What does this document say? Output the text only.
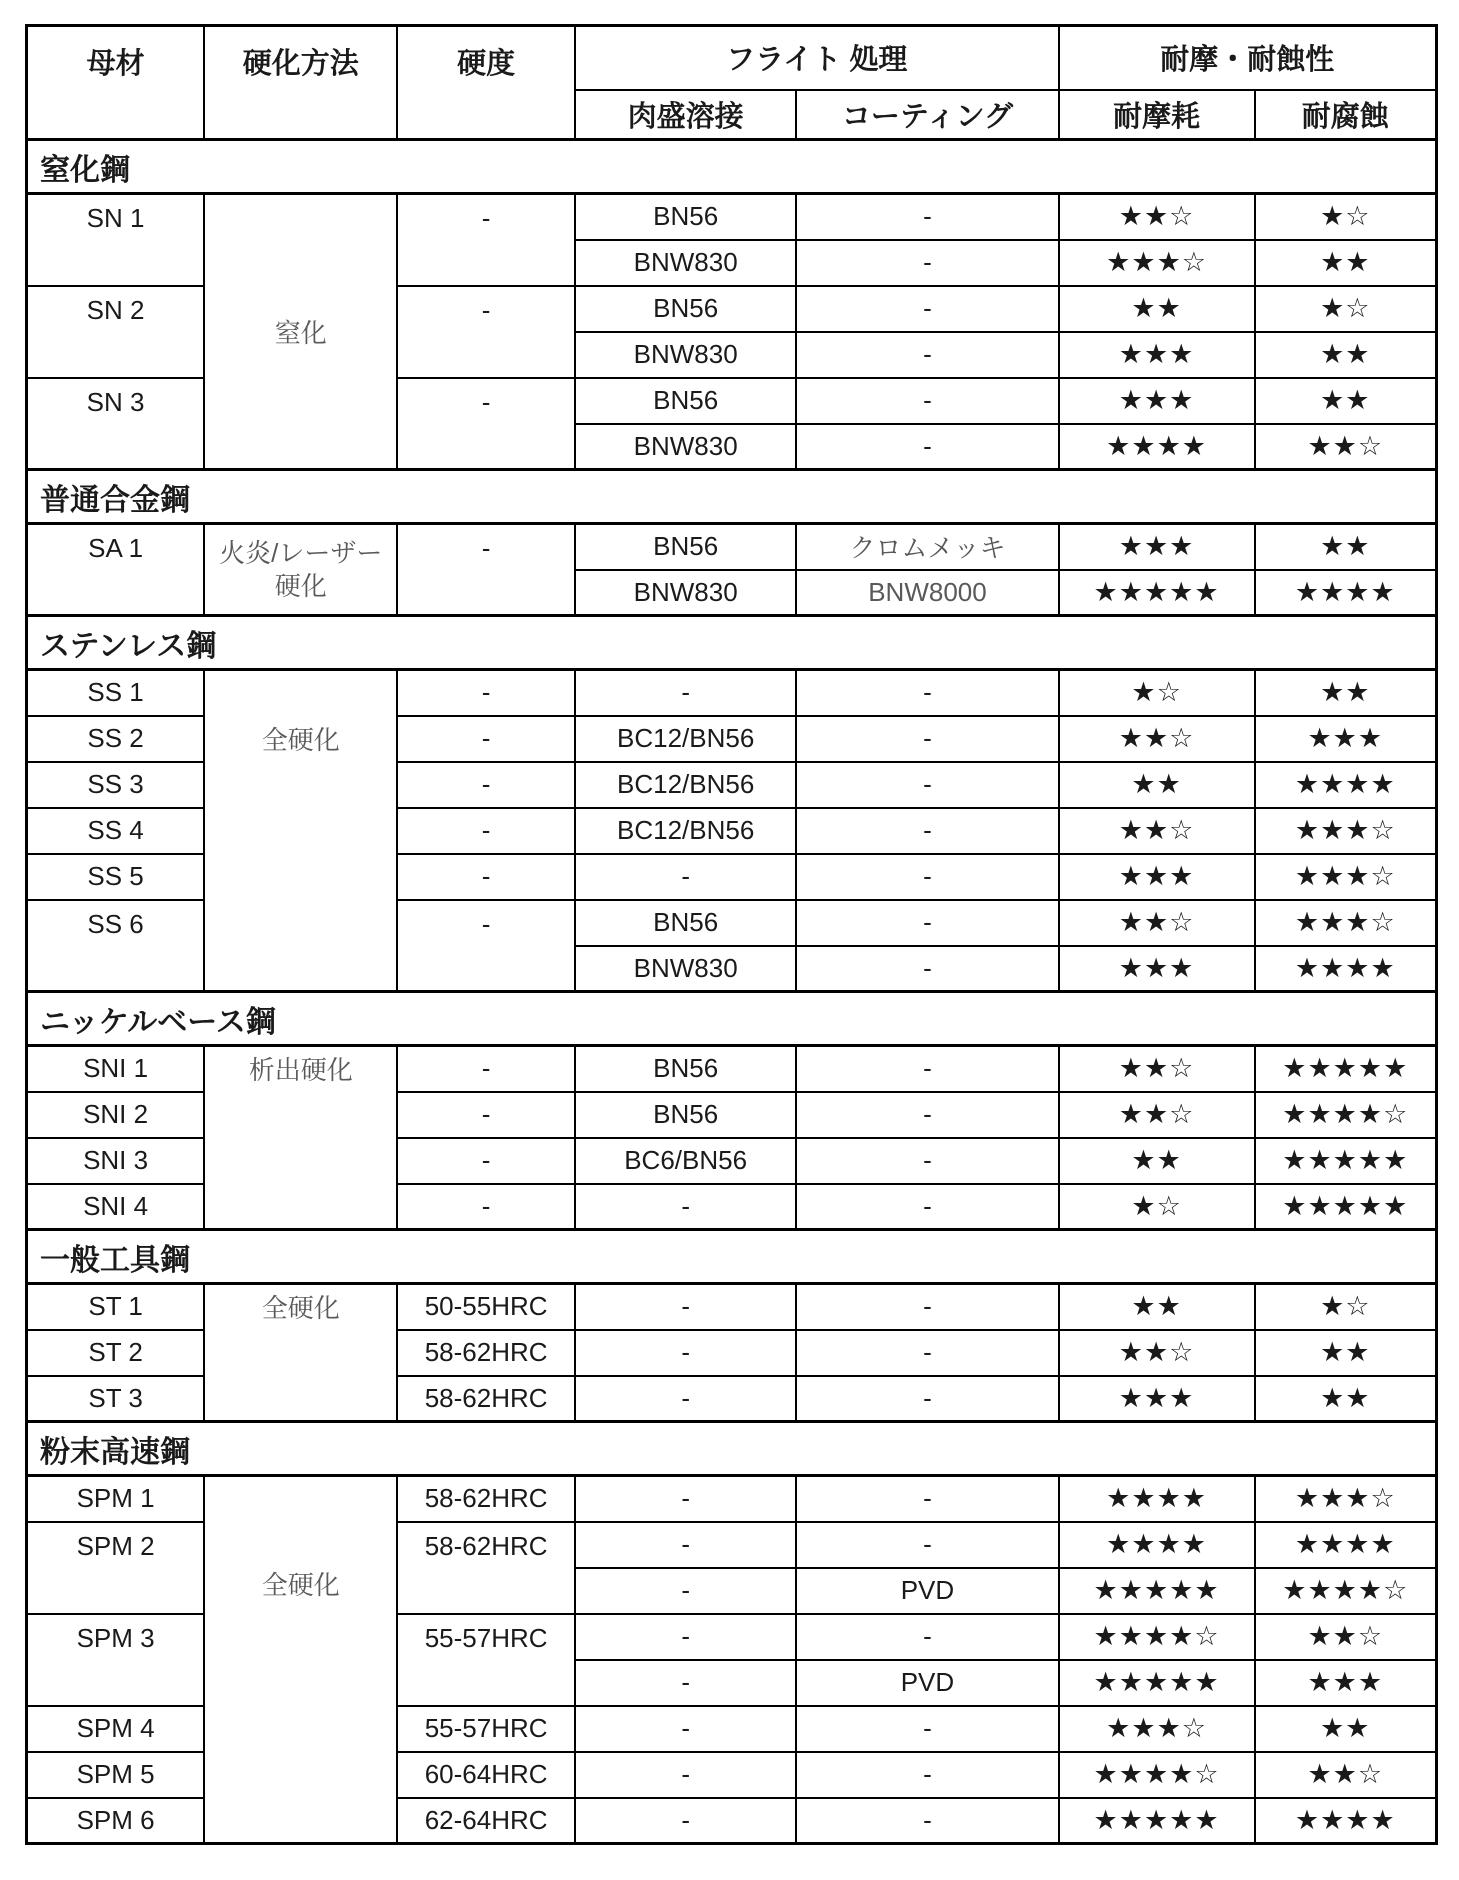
母材	硬化方法	硬度	フライト 処理		耐摩・耐蝕性	
			肉盛溶接	コーティング	耐摩耗	耐腐蝕
窒化鋼						
SN 1	窒化	-	BN56	-	★★☆	★☆
			BNW830	-	★★★☆	★★
SN 2		-	BN56	-	★★	★☆
			BNW830	-	★★★	★★
SN 3		-	BN56	-	★★★	★★
			BNW830	-	★★★★	★★☆
普通合金鋼						
SA 1	火炎/レーザー硬化	-	BN56	クロムメッキ	★★★	★★
			BNW830	BNW8000	★★★★★	★★★★
ステンレス鋼						
SS 1	全硬化	-	-	-	★☆	★★
SS 2		-	BC12/BN56	-	★★☆	★★★
SS 3		-	BC12/BN56	-	★★	★★★★
SS 4		-	BC12/BN56	-	★★☆	★★★☆
SS 5		-	-	-	★★★	★★★☆
SS 6		-	BN56	-	★★☆	★★★☆
			BNW830	-	★★★	★★★★
ニッケルベース鋼						
SNI 1	析出硬化	-	BN56	-	★★☆	★★★★★
SNI 2		-	BN56	-	★★☆	★★★★☆
SNI 3		-	BC6/BN56	-	★★	★★★★★
SNI 4		-	-	-	★☆	★★★★★
一般工具鋼						
ST 1	全硬化	50-55HRC	-	-	★★	★☆
ST 2		58-62HRC	-	-	★★☆	★★
ST 3		58-62HRC	-	-	★★★	★★
粉末高速鋼						
SPM 1	全硬化	58-62HRC	-	-	★★★★	★★★☆
SPM 2		58-62HRC	-	-	★★★★	★★★★
			-	PVD	★★★★★	★★★★☆
SPM 3		55-57HRC	-	-	★★★★☆	★★☆
			-	PVD	★★★★★	★★★
SPM 4		55-57HRC	-	-	★★★☆	★★
SPM 5		60-64HRC	-	-	★★★★☆	★★☆
SPM 6		62-64HRC	-	-	★★★★★	★★★★
